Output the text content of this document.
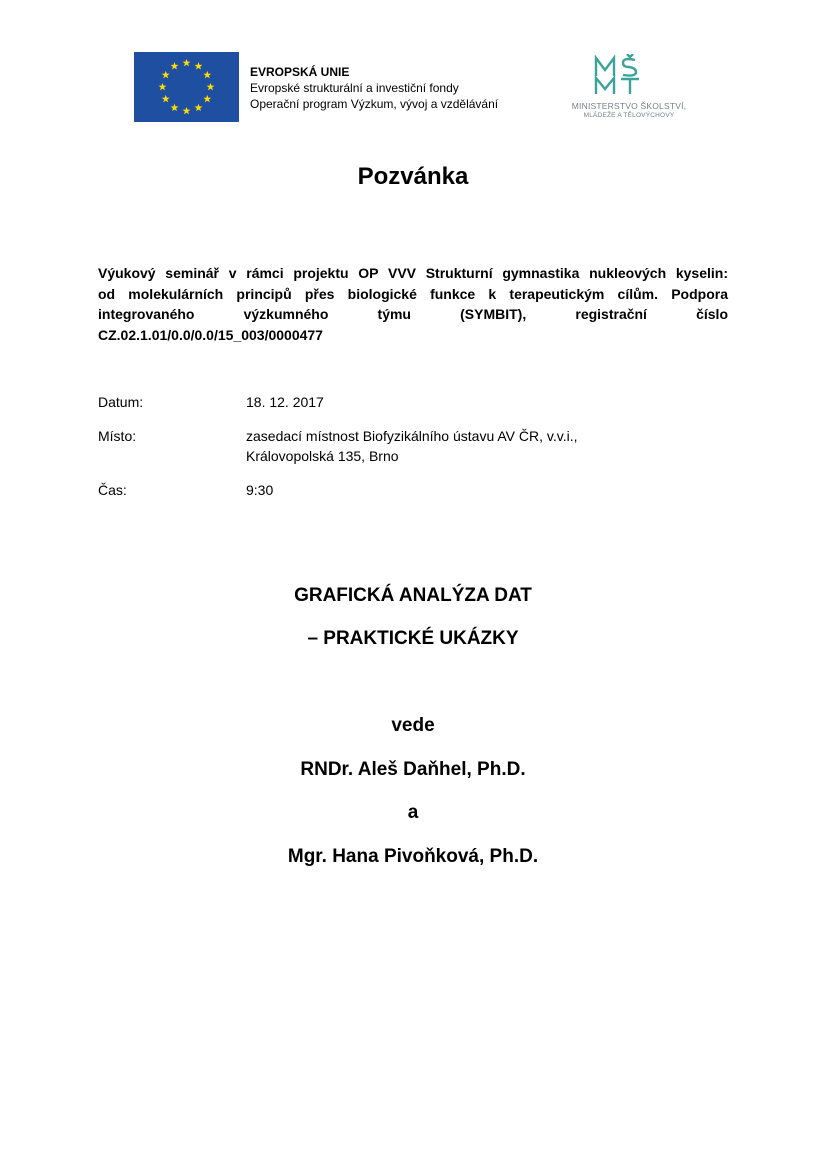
EVROPSKÁ UNIE
Evropské strukturální a investiční fondy
Operační program Výzkum, vývoj a vzdělávání	MINISTERSTVO ŠKOLSTVÍ,
MLÁDEŽE A TĚLOVÝCHOVY
Pozvánka
Výukový seminář v rámci projektu OP VVV Strukturní gymnastika nukleových kyselin:
od molekulárních principů přes biologické funkce k terapeutickým cílům. Podpora
integrovaného výzkumného týmu (SYMBIT), registrační číslo
CZ.02.1.01/0.0/0.0/15_003/0000477
Datum:	18. 12. 2017
Místo:	zasedací místnost Biofyzikálního ústavu AV ČR, v.v.i.,
Královopolská 135, Brno
Čas:	9:30
GRAFICKÁ ANALÝZA DAT
– PRAKTICKÉ UKÁZKY
vede
RNDr. Aleš Daňhel, Ph.D.
a
Mgr. Hana Pivoňková, Ph.D.
